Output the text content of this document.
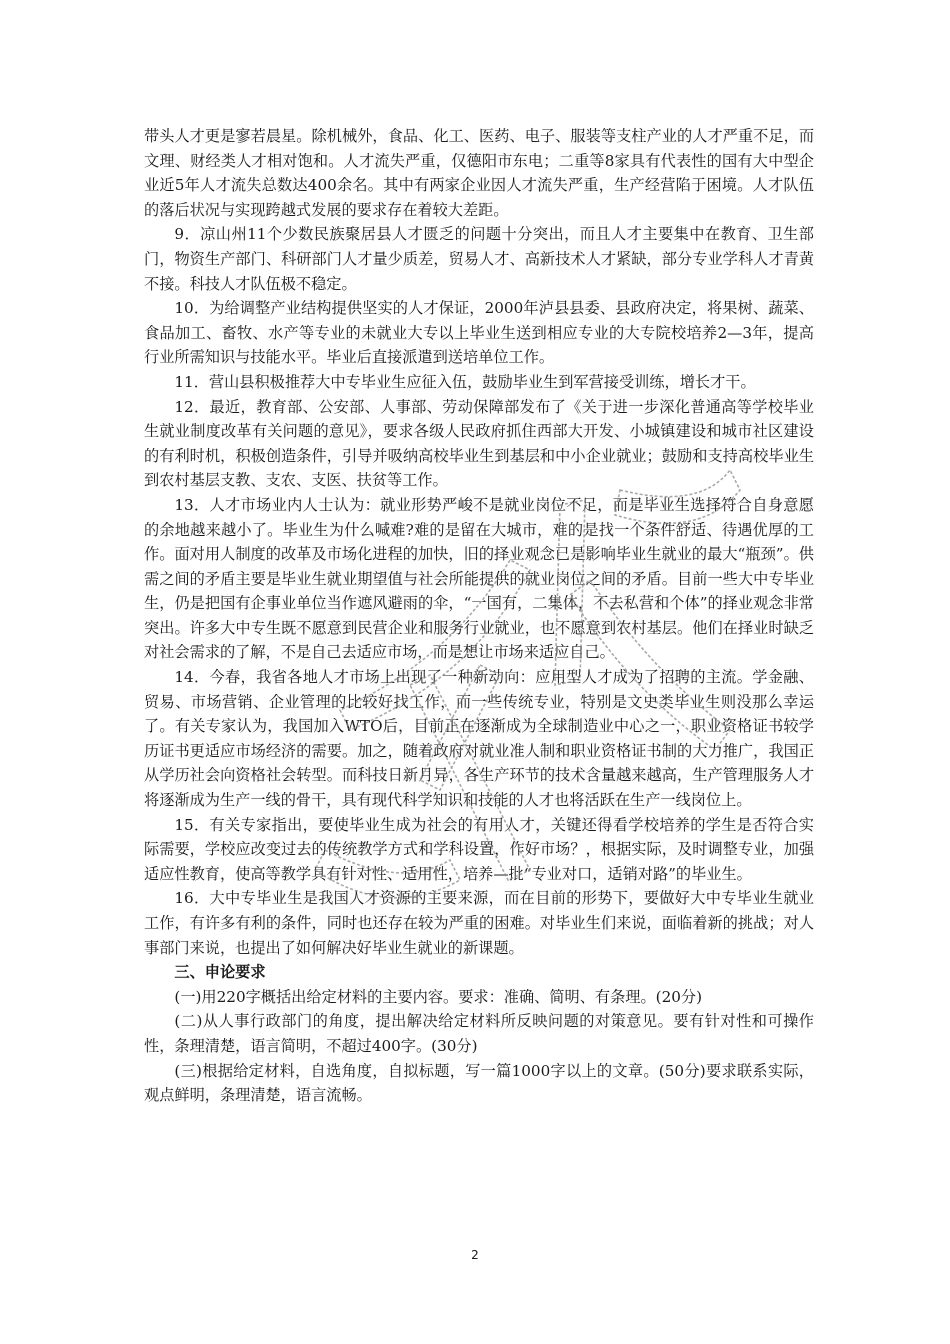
带头人才更是寥若晨星。除机械外，食品、化工、医药、电子、服装等支柱产业的人才严重不足，而文理、财经类人才相对饱和。人才流失严重，仅德阳市东电；二重等8家具有代表性的国有大中型企业近5年人才流失总数达400余名。其中有两家企业因人才流失严重，生产经营陷于困境。人才队伍的落后状况与实现跨越式发展的要求存在着较大差距。

9．凉山州11个少数民族聚居县人才匮乏的问题十分突出，而且人才主要集中在教育、卫生部门，物资生产部门、科研部门人才量少质差，贸易人才、高新技术人才紧缺，部分专业学科人才青黄不接。科技人才队伍极不稳定。

10．为给调整产业结构提供坚实的人才保证，2000年泸县县委、县政府决定，将果树、蔬菜、食品加工、畜牧、水产等专业的未就业大专以上毕业生送到相应专业的大专院校培养2—3年，提高行业所需知识与技能水平。毕业后直接派遣到送培单位工作。

11．营山县积极推荐大中专毕业生应征入伍，鼓励毕业生到军营接受训练，增长才干。

12．最近，教育部、公安部、人事部、劳动保障部发布了《关于进一步深化普通高等学校毕业生就业制度改革有关问题的意见》，要求各级人民政府抓住西部大开发、小城镇建设和城市社区建设的有利时机，积极创造条件，引导并吸纳高校毕业生到基层和中小企业就业；鼓励和支持高校毕业生到农村基层支教、支农、支医、扶贫等工作。

13．人才市场业内人士认为：就业形势严峻不是就业岗位不足，而是毕业生选择符合自身意愿的余地越来越小了。毕业生为什么喊难?难的是留在大城市，难的是找一个条件舒适、待遇优厚的工作。面对用人制度的改革及市场化进程的加快，旧的择业观念已是影响毕业生就业的最大“瓶颈”。供需之间的矛盾主要是毕业生就业期望值与社会所能提供的就业岗位之间的矛盾。目前一些大中专毕业生，仍是把国有企事业单位当作遮风避雨的伞，“一国有，二集体，不去私营和个体”的择业观念非常突出。许多大中专生既不愿意到民营企业和服务行业就业，也不愿意到农村基层。他们在择业时缺乏对社会需求的了解，不是自己去适应市场，而是想让市场来适应自己。

14．今春，我省各地人才市场上出现了一种新动向：应用型人才成为了招聘的主流。学金融、贸易、市场营销、企业管理的比较好找工作，而一些传统专业，特别是文史类毕业生则没那么幸运了。有关专家认为，我国加入WTO后，目前正在逐渐成为全球制造业中心之一，职业资格证书较学历证书更适应市场经济的需要。加之，随着政府对就业准人制和职业资格证书制的大力推广，我国正从学历社会向资格社会转型。而科技日新月异，各生产环节的技术含量越来越高，生产管理服务人才将逐渐成为生产一线的骨干，具有现代科学知识和技能的人才也将活跃在生产一线岗位上。

15．有关专家指出，要使毕业生成为社会的有用人才，关键还得看学校培养的学生是否符合实际需要，学校应改变过去的传统教学方式和学科设置，作好市场？，根据实际，及时调整专业，加强适应性教育，使高等教学具有针对性、适用性，培养—批“专业对口，适销对路”的毕业生。

16．大中专毕业生是我国人才资源的主要来源，而在目前的形势下，要做好大中专毕业生就业工作，有许多有利的条件，同时也还存在较为严重的困难。对毕业生们来说，面临着新的挑战；对人事部门来说，也提出了如何解决好毕业生就业的新课题。

三、申论要求

(一)用220字概括出给定材料的主要内容。要求：准确、简明、有条理。(20分)

(二)从人事行政部门的角度，提出解决给定材料所反映问题的对策意见。要有针对性和可操作性，条理清楚，语言简明，不超过400字。(30分)

(三)根据给定材料，自选角度，自拟标题，写一篇1000字以上的文章。(50分)要求联系实际，观点鲜明，条理清楚，语言流畅。

2
